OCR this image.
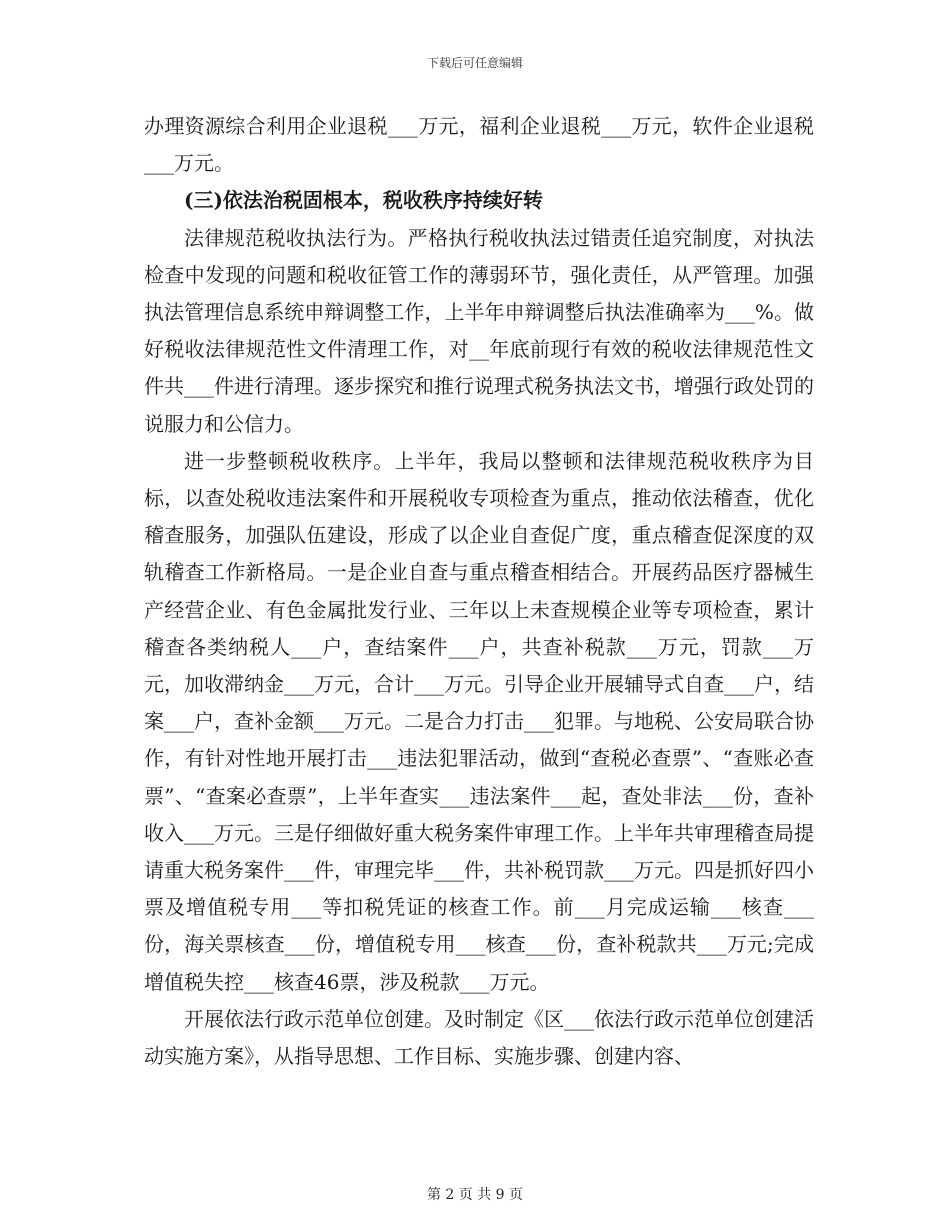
下载后可任意编辑

办理资源综合利用企业退税___万元，福利企业退税___万元，软件企业退税___万元。

(三)依法治税固根本，税收秩序持续好转

法律规范税收执法行为。严格执行税收执法过错责任追究制度，对执法检查中发现的问题和税收征管工作的薄弱环节，强化责任，从严管理。加强执法管理信息系统申辩调整工作，上半年申辩调整后执法准确率为___%。做好税收法律规范性文件清理工作，对__年底前现行有效的税收法律规范性文件共___件进行清理。逐步探究和推行说理式税务执法文书，增强行政处罚的说服力和公信力。

进一步整顿税收秩序。上半年，我局以整顿和法律规范税收秩序为目标，以查处税收违法案件和开展税收专项检查为重点，推动依法稽查，优化稽查服务，加强队伍建设，形成了以企业自查促广度，重点稽查促深度的双轨稽查工作新格局。一是企业自查与重点稽查相结合。开展药品医疗器械生产经营企业、有色金属批发行业、三年以上未查规模企业等专项检查，累计稽查各类纳税人___户，查结案件___户，共查补税款___万元，罚款___万元，加收滞纳金___万元，合计___万元。引导企业开展辅导式自查___户，结案___户，查补金额___万元。二是合力打击___犯罪。与地税、公安局联合协作，有针对性地开展打击___违法犯罪活动，做到“查税必查票”、“查账必查票”、“查案必查票”，上半年查实___违法案件___起，查处非法___份，查补收入___万元。三是仔细做好重大税务案件审理工作。上半年共审理稽查局提请重大税务案件___件，审理完毕___件，共补税罚款___万元。四是抓好四小票及增值税专用___等扣税凭证的核查工作。前___月完成运输___核查___份，海关票核查___份，增值税专用___核查___份，查补税款共___万元;完成增值税失控___核查46票，涉及税款___万元。

开展依法行政示范单位创建。及时制定《区___依法行政示范单位创建活动实施方案》，从指导思想、工作目标、实施步骤、创建内容、

第 2 页 共 9 页
